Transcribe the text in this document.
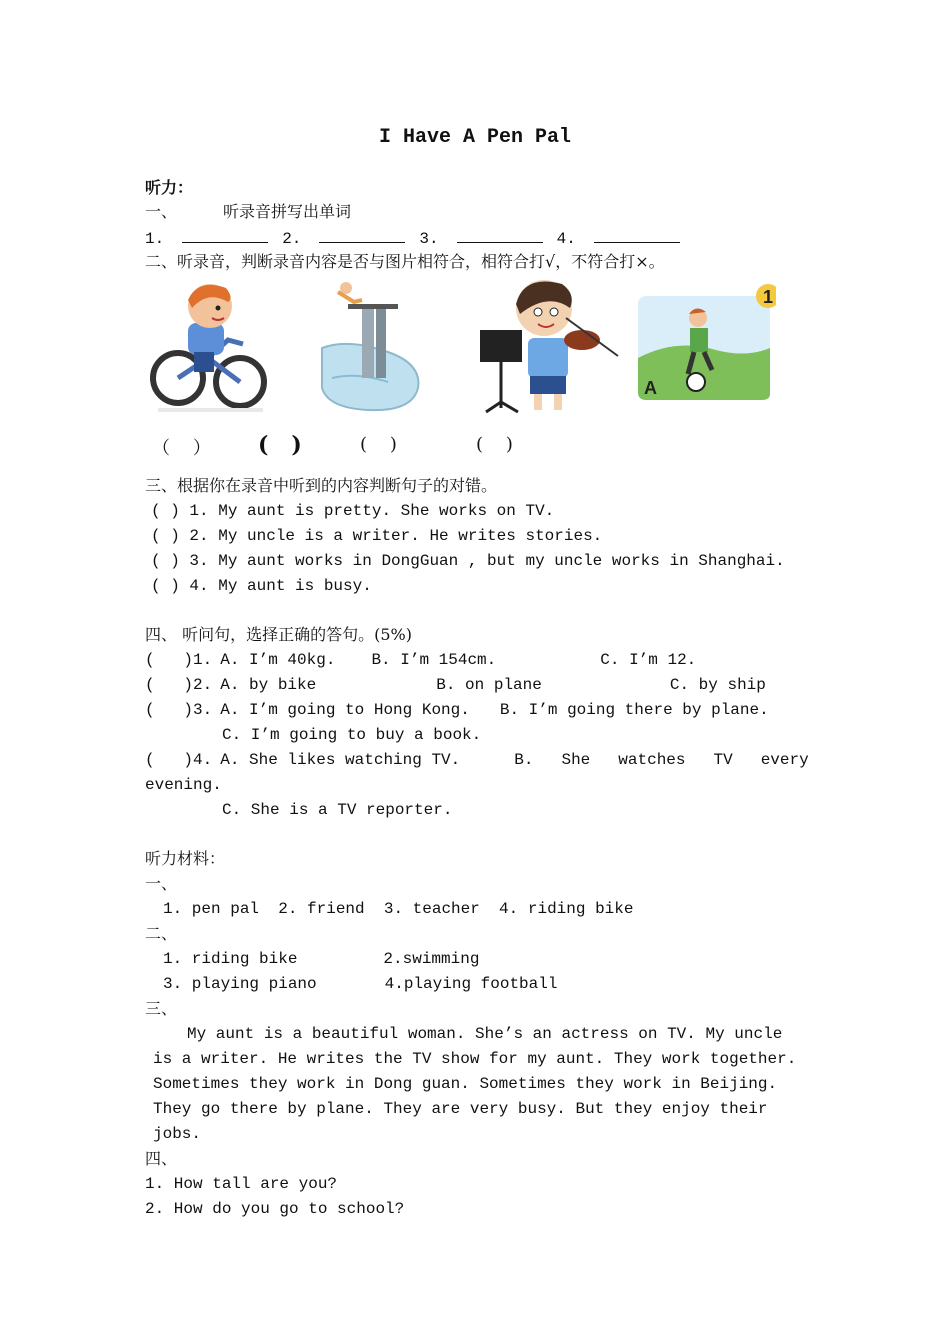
I Have A Pen Pal
听力：
一、	听录音拼写出单词
1.	2.	3.	4.
二、听录音，判断录音内容是否与图片相符合，相符合打√，不符合打×。
1
A
（    ） (   )	(    )	(    )
三、根据你在录音中听到的内容判断句子的对错。
( ) 1. My aunt is pretty. She works on TV.
( ) 2. My uncle is a writer. He writes stories.
( ) 3. My aunt works in DongGuan , but my uncle works in Shanghai.
( ) 4. My aunt is busy.
四、 听问句，选择正确的答句。(5%)
(   )1. A. I’m 40kg. B. I’m 154cm.	C. I’m 12.
(   )2. A. by bike	B. on plane	C. by ship
(   )3. A. I’m going to Hong Kong. B. I’m going there by plane.
C. I’m going to buy a book.
(   )4. A. She likes watching TV.	B. She watches TV every
evening.
C. She is a TV reporter.
听力材料：
一、
1. pen pal  2. friend  3. teacher  4. riding bike
二、
1. riding bike	2.swimming
3. playing piano	4.playing football
三、
My aunt is a beautiful woman. She’s an actress on TV. My uncle
is a writer. He writes the TV show for my aunt. They work together.
Sometimes they work in Dong guan. Sometimes they work in Beijing.
They go there by plane. They are very busy. But they enjoy their
jobs.
四、
1. How tall are you?
2. How do you go to school?
